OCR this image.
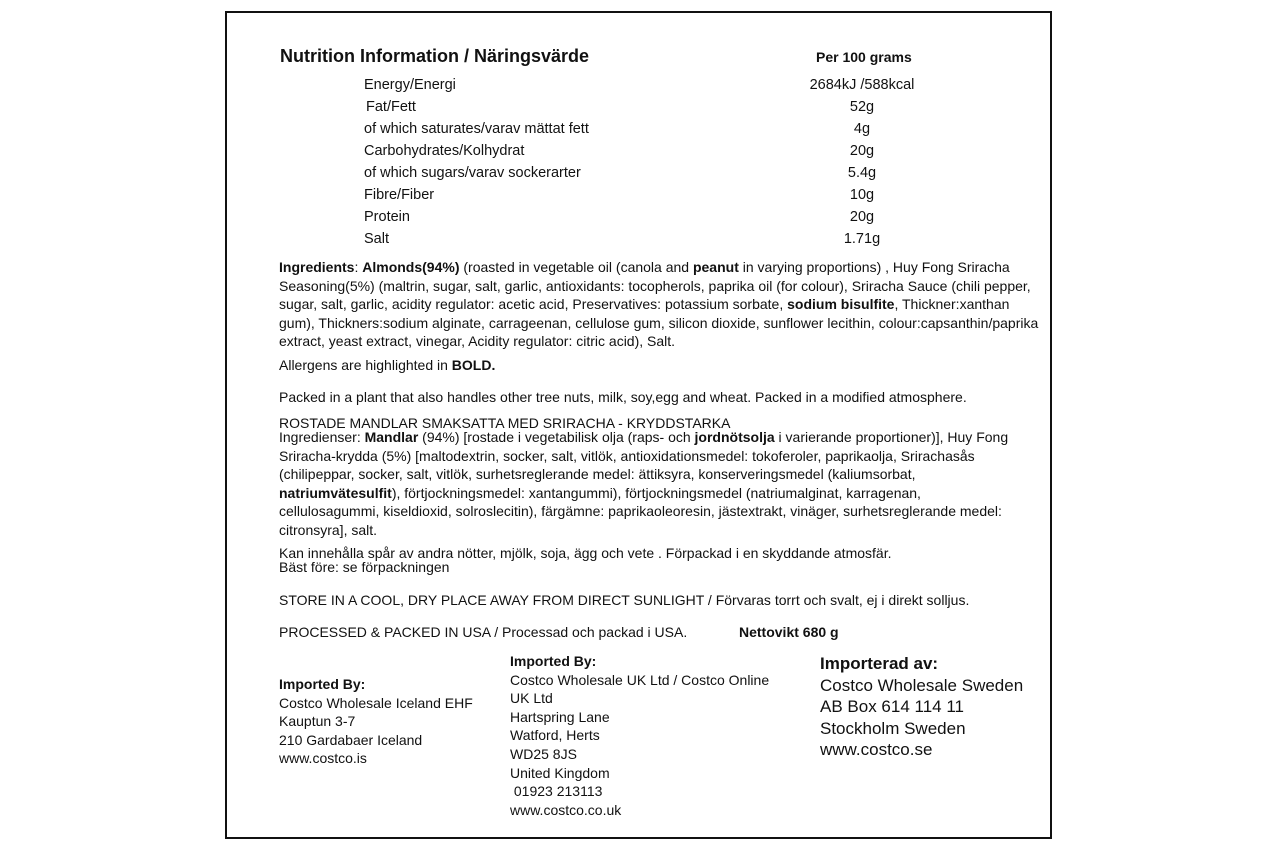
Nutrition Information / Näringsvärde	Per 100 grams
Energy/Energi	2684kJ /588kcal
Fat/Fett	52g
of which saturates/varav mättat fett	4g
Carbohydrates/Kolhydrat	20g
of which sugars/varav sockerarter	5.4g
Fibre/Fiber	10g
Protein	20g
Salt	1.71g
Ingredients: Almonds(94%) (roasted in vegetable oil (canola and peanut in varying proportions) , Huy Fong Sriracha Seasoning(5%) (maltrin, sugar, salt, garlic, antioxidants: tocopherols, paprika oil (for colour), Sriracha Sauce (chili pepper, sugar, salt, garlic, acidity regulator: acetic acid, Preservatives: potassium sorbate, sodium bisulfite, Thickner:xanthan gum), Thickners:sodium alginate, carrageenan, cellulose gum, silicon dioxide, sunflower lecithin, colour:capsanthin/paprika extract, yeast extract, vinegar, Acidity regulator: citric acid), Salt.
Allergens are highlighted in BOLD.
Packed in a plant that also handles other tree nuts, milk, soy,egg and wheat. Packed in a modified atmosphere.
ROSTADE MANDLAR SMAKSATTA MED SRIRACHA - KRYDDSTARKA
Ingredienser: Mandlar (94%) [rostade i vegetabilisk olja (raps- och jordnötsolja i varierande proportioner)], Huy Fong Sriracha-krydda (5%) [maltodextrin, socker, salt, vitlök, antioxidationsmedel: tokoferoler, paprikaolja, Srirachasås (chilipeppar, socker, salt, vitlök, surhetsreglerande medel: ättiksyra, konserveringsmedel (kaliumsorbat, natriumvätesulfit), förtjockningsmedel: xantangummi), förtjockningsmedel (natriumalginat, karragenan, cellulosagummi, kiseldioxid, solroslecitin), färgämne: paprikaoleoresin, jästextrakt, vinäger, surhetsreglerande medel: citronsyra], salt.
Kan innehålla spår av andra nötter, mjölk, soja, ägg och vete . Förpackad i en skyddande atmosfär.
Bäst före: se förpackningen
STORE IN A COOL, DRY PLACE AWAY FROM DIRECT SUNLIGHT / Förvaras torrt och svalt, ej i direkt solljus.
PROCESSED & PACKED IN USA / Processad och packad i USA.	Nettovikt 680 g
Imported By:
Costco Wholesale Iceland EHF
Kauptun 3-7
210 Gardabaer Iceland
www.costco.is
Imported By:
Costco Wholesale UK Ltd / Costco Online
UK Ltd
Hartspring Lane
Watford, Herts
WD25 8JS
United Kingdom
01923 213113
www.costco.co.uk
Importerad av:
Costco Wholesale Sweden
AB Box 614 114 11
Stockholm Sweden
www.costco.se
